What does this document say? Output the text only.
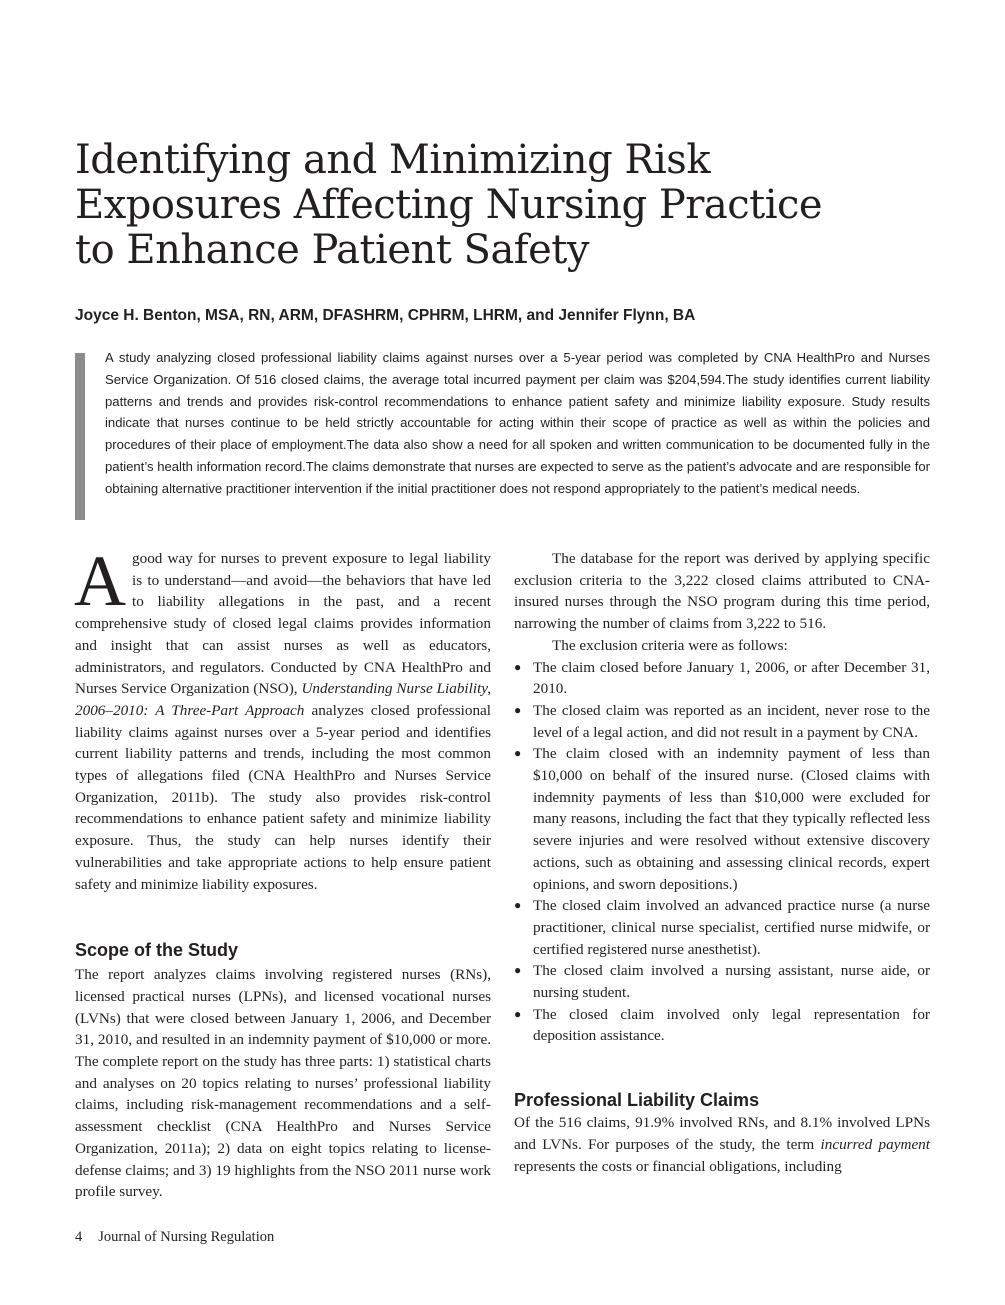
Identifying and Minimizing Risk
Exposures Affecting Nursing Practice
to Enhance Patient Safety

Joyce H. Benton, MSA, RN, ARM, DFASHRM, CPHRM, LHRM, and Jennifer Flynn, BA

A study analyzing closed professional liability claims against nurses over a 5-year period was completed by CNA HealthPro and Nurses Service Organization. Of 516 closed claims, the average total incurred payment per claim was $204,594.The study identifies current liability patterns and trends and provides risk-control recommendations to enhance patient safety and minimize liability exposure. Study results indicate that nurses continue to be held strictly accountable for acting within their scope of practice as well as within the policies and procedures of their place of employment.The data also show a need for all spoken and written communication to be documented fully in the patient’s health information record.The claims demonstrate that nurses are expected to serve as the patient’s advocate and are responsible for obtaining alternative practitioner intervention if the initial practitioner does not respond appropriately to the patient’s medical needs.

A good way for nurses to prevent exposure to legal liability is to understand—and avoid—the behaviors that have led to liability allegations in the past, and a recent comprehensive study of closed legal claims provides information and insight that can assist nurses as well as educators, administrators, and regulators. Conducted by CNA HealthPro and Nurses Service Organization (NSO), Understanding Nurse Liability, 2006–2010: A Three-Part Approach analyzes closed professional liability claims against nurses over a 5-year period and identifies current liability patterns and trends, including the most common types of allegations filed (CNA HealthPro and Nurses Service Organization, 2011b). The study also provides risk-control recommendations to enhance patient safety and minimize liability exposure. Thus, the study can help nurses identify their vulnerabilities and take appropriate actions to help ensure patient safety and minimize liability exposures.

Scope of the Study

The report analyzes claims involving registered nurses (RNs), licensed practical nurses (LPNs), and licensed vocational nurses (LVNs) that were closed between January 1, 2006, and December 31, 2010, and resulted in an indemnity payment of $10,000 or more. The complete report on the study has three parts: 1) statistical charts and analyses on 20 topics relating to nurses’ professional liability claims, including risk-management recommendations and a self-assessment checklist (CNA HealthPro and Nurses Service Organization, 2011a); 2) data on eight topics relating to license-defense claims; and 3) 19 highlights from the NSO 2011 nurse work profile survey.

The database for the report was derived by applying specific exclusion criteria to the 3,222 closed claims attributed to CNA-insured nurses through the NSO program during this time period, narrowing the number of claims from 3,222 to 516.

The exclusion criteria were as follows:

● The claim closed before January 1, 2006, or after December 31, 2010.
● The closed claim was reported as an incident, never rose to the level of a legal action, and did not result in a payment by CNA.
● The claim closed with an indemnity payment of less than $10,000 on behalf of the insured nurse. (Closed claims with indemnity payments of less than $10,000 were excluded for many reasons, including the fact that they typically reflected less severe injuries and were resolved without extensive discovery actions, such as obtaining and assessing clinical records, expert opinions, and sworn depositions.)
● The closed claim involved an advanced practice nurse (a nurse practitioner, clinical nurse specialist, certified nurse midwife, or certified registered nurse anesthetist).
● The closed claim involved a nursing assistant, nurse aide, or nursing student.
● The closed claim involved only legal representation for deposition assistance.
Professional Liability Claims

Of the 516 claims, 91.9% involved RNs, and 8.1% involved LPNs and LVNs. For purposes of the study, the term incurred payment represents the costs or financial obligations, including

4 Journal of Nursing Regulation
